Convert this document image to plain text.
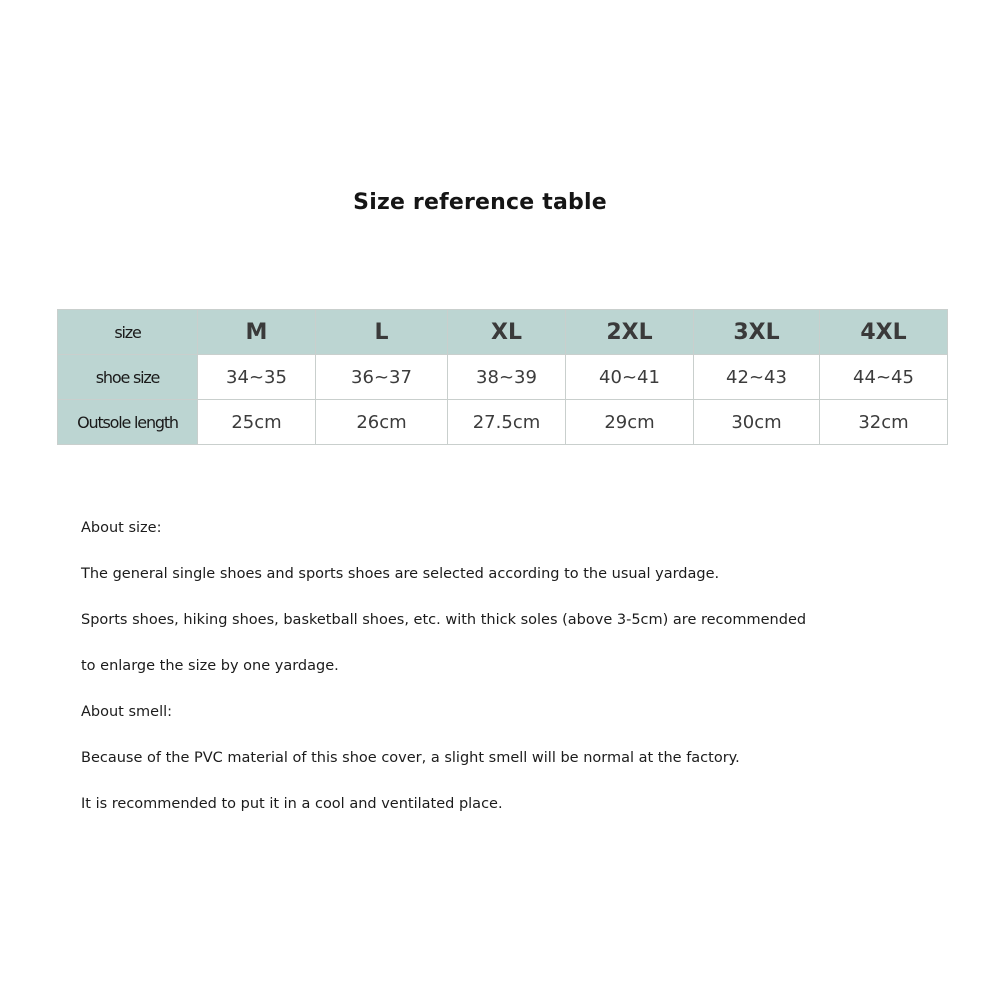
Size reference table
size	M	L	XL	2XL	3XL	4XL
shoe size	34~35	36~37	38~39	40~41	42~43	44~45
Outsole length	25cm	26cm	27.5cm	29cm	30cm	32cm
About size:
The general single shoes and sports shoes are selected according to the usual yardage.
Sports shoes, hiking shoes, basketball shoes, etc. with thick soles (above 3-5cm) are recommended
to enlarge the size by one yardage.
About smell:
Because of the PVC material of this shoe cover, a slight smell will be normal at the factory.
It is recommended to put it in a cool and ventilated place.
